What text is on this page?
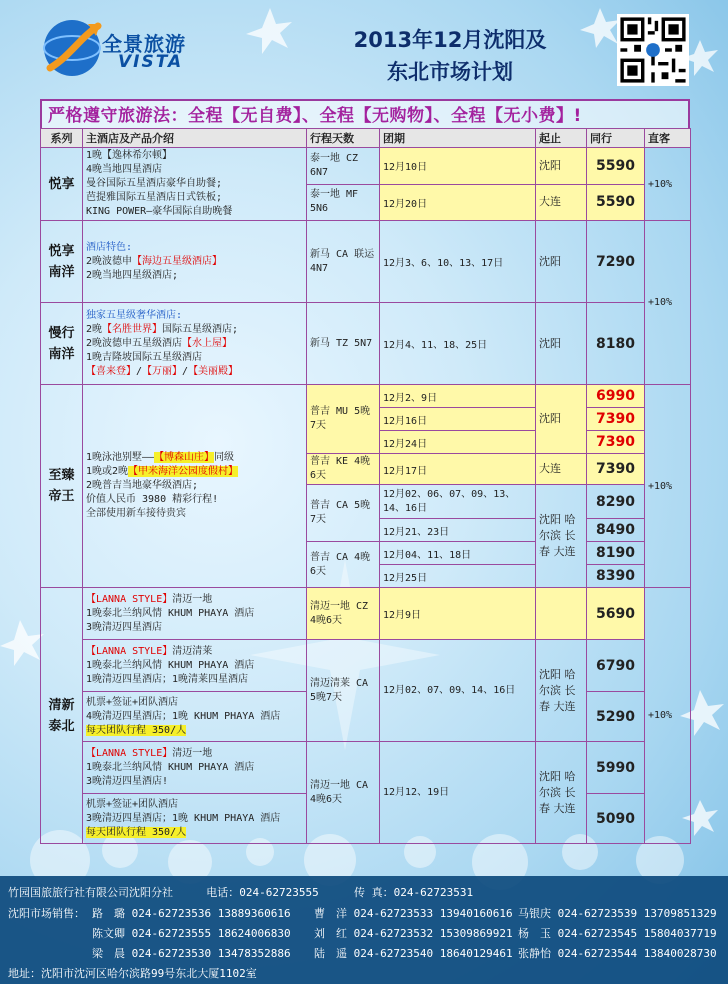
全景旅游
VISTA
2013年12月沈阳及
东北市场计划
严格遵守旅游法：全程【无自费】、全程【无购物】、全程【无小费】!
系列	主酒店及产品介绍	行程天数	团期	起止	同行	直客
悦享	1晚【逸林希尔顿】
4晚当地四星酒店
曼谷国际五星酒店豪华自助餐;
芭提雅国际五星酒店日式铁板;
KING POWER—豪华国际自助晚餐	泰一地 CZ 6N7	12月10日	沈阳	5590	+10%
		泰一地 MF 5N6	12月20日	大连	5590	
悦享南洋	酒店特色:
2晚波德申【海边五星级酒店】
2晚当地四星级酒店;	新马 CA 联运 4N7	12月3、6、10、13、17日	沈阳	7290	+10%
慢行南洋	独家五星级奢华酒店:
2晚【名胜世界】国际五星级酒店;
2晚波德申五星级酒店【水上屋】
1晚吉隆坡国际五星级酒店
【喜来登】/【万丽】/【美丽殿】	新马 TZ 5N7	12月4、11、18、25日	沈阳	8180	
至臻帝王	1晚泳池别墅——【博森山庄】同级
1晚或2晚【甲米海洋公园度假村】
2晚普吉当地豪华级酒店;
价值人民币 3980 精彩行程!
全部使用新车接待贵宾	普吉 MU 5晚7天	12月2、9日	沈阳	6990	+10%
			12月16日		7390	
			12月24日		7390	
		普吉 KE 4晚6天	12月17日	大连	7390	
		普吉 CA 5晚7天	12月02、06、07、09、13、14、16日	沈阳 哈尔滨 长春 大连	8290	
			12月21、23日		8490	
		普吉 CA 4晚6天	12月04、11、18日		8190	
			12月25日		8390	
清新泰北	【LANNA STYLE】清迈一地
1晚泰北兰纳风情 KHUM PHAYA 酒店
3晚清迈四星酒店	清迈一地 CZ 4晚6天	12月9日		5690	+10%

	【LANNA STYLE】清迈清莱
1晚泰北兰纳风情 KHUM PHAYA 酒店
1晚清迈四星酒店；1晚清莱四星酒店	清迈清莱 CA 5晚7天	12月02、07、09、14、16日	沈阳 哈尔滨 长春 大连	6790	

	机票+签证+团队酒店
4晚清迈四星酒店；1晚 KHUM PHAYA 酒店
每天团队行程 350/人				5290	

	【LANNA STYLE】清迈一地
1晚泰北兰纳风情 KHUM PHAYA 酒店
3晚清迈四星酒店!	清迈一地 CA 4晚6天	12月12、19日	沈阳 哈尔滨 长春 大连	5990	

	机票+签证+团队酒店
3晚清迈四星酒店；1晚 KHUM PHAYA 酒店
每天团队行程 350/人				5090	
竹园国旅旅行社有限公司沈阳分社	电话：024-62723555	传 真：024-62723531
沈阳市场销售： 路　璐 024-62723536 13889360616 曹　洋 024-62723533 13940160616 马银庆 024-62723539 13709851329
陈文卿 024-62723555 18624006830 刘　红 024-62723532 15309869921 杨　玉 024-62723545 15804037719
梁　晨 024-62723530 13478352886 陆　遥 024-62723540 18640129461 张静怡 024-62723544 13840028730
地址：沈阳市沈河区哈尔滨路99号东北大厦1102室
